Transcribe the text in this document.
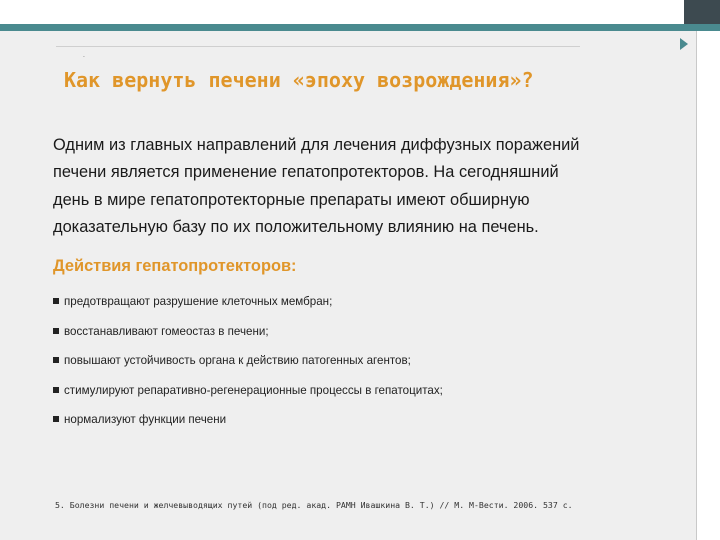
.
Как вернуть печени «эпоху возрождения»?
Одним из главных направлений для лечения диффузных поражений
печени является применение гепатопротекторов. На сегодняшний
день в мире гепатопротекторные препараты имеют обширную
доказательную базу по их положительному влиянию на печень.
Действия гепатопротекторов:
предотвращают разрушение клеточных мембран;
восстанавливают гомеостаз в печени;
повышают устойчивость органа к действию патогенных агентов;
стимулируют репаративно-регенерационные процессы в гепатоцитах;
нормализуют функции печени

5. Болезни печени и желчевыводящих путей (под ред. акад. РАМН Ивашкина В. Т.) // М. М-Вести. 2006. 537 с.
